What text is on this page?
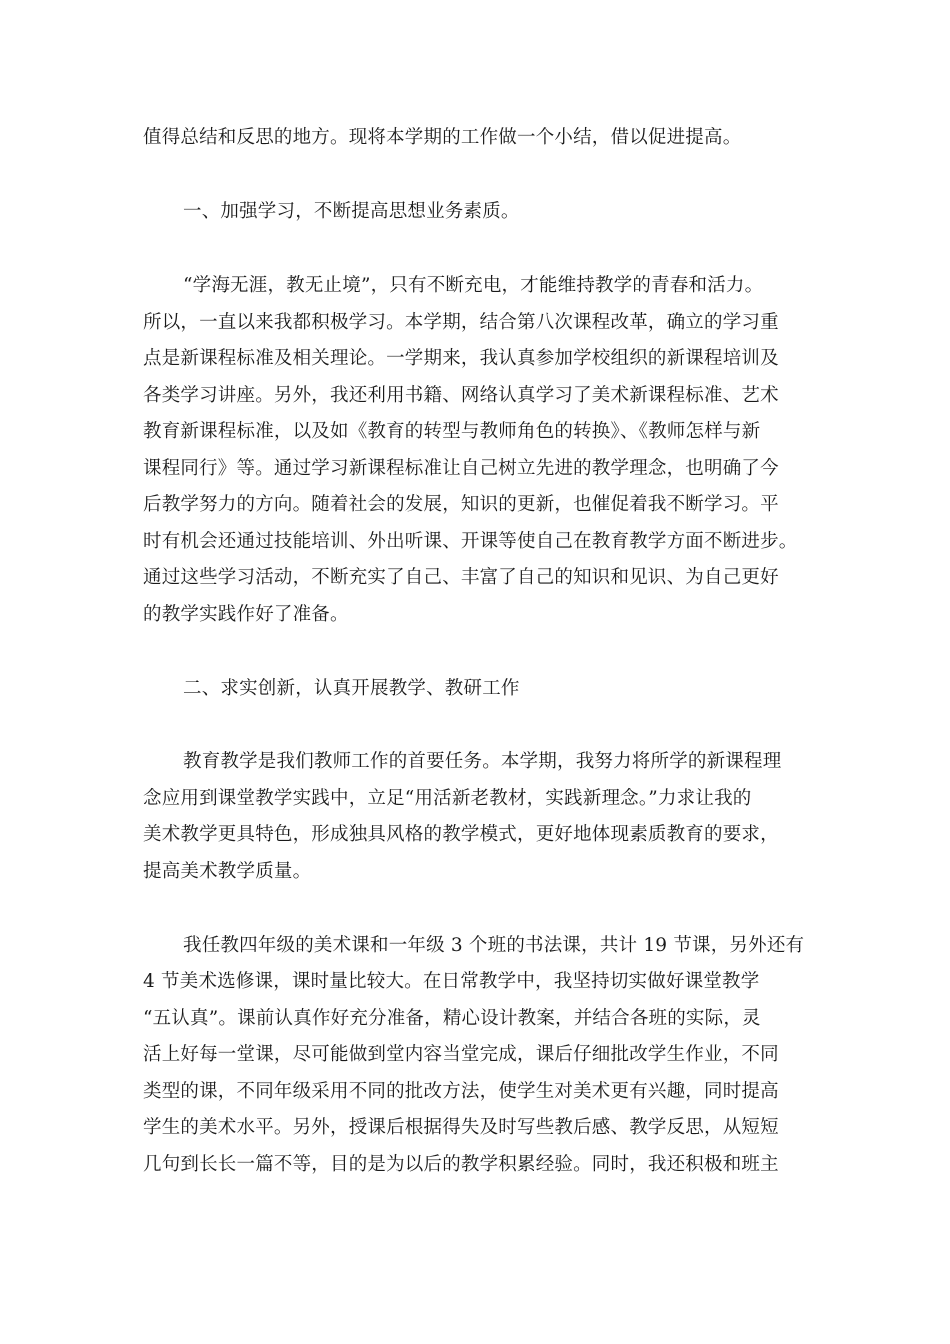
值得总结和反思的地方。现将本学期的工作做一个小结，借以促进提高。
一、加强学习，不断提高思想业务素质。
“学海无涯，教无止境”，只有不断充电，才能维持教学的青春和活力。
所以，一直以来我都积极学习。本学期，结合第八次课程改革，确立的学习重
点是新课程标准及相关理论。一学期来，我认真参加学校组织的新课程培训及
各类学习讲座。另外，我还利用书籍、网络认真学习了美术新课程标准、艺术
教育新课程标准，以及如《教育的转型与教师角色的转换》、《教师怎样与新
课程同行》等。通过学习新课程标准让自己树立先进的教学理念，也明确了今
后教学努力的方向。随着社会的发展，知识的更新，也催促着我不断学习。平
时有机会还通过技能培训、外出听课、开课等使自己在教育教学方面不断进步。
通过这些学习活动，不断充实了自己、丰富了自己的知识和见识、为自己更好
的教学实践作好了准备。
二、求实创新，认真开展教学、教研工作
教育教学是我们教师工作的首要任务。本学期，我努力将所学的新课程理
念应用到课堂教学实践中，立足“用活新老教材，实践新理念。”力求让我的
美术教学更具特色，形成独具风格的教学模式，更好地体现素质教育的要求，
提高美术教学质量。
我任教四年级的美术课和一年级 3 个班的书法课，共计 19 节课，另外还有
4 节美术选修课，课时量比较大。在日常教学中，我坚持切实做好课堂教学
“五认真”。课前认真作好充分准备，精心设计教案，并结合各班的实际，灵
活上好每一堂课，尽可能做到堂内容当堂完成，课后仔细批改学生作业，不同
类型的课，不同年级采用不同的批改方法，使学生对美术更有兴趣，同时提高
学生的美术水平。另外，授课后根据得失及时写些教后感、教学反思，从短短
几句到长长一篇不等，目的是为以后的教学积累经验。同时，我还积极和班主
